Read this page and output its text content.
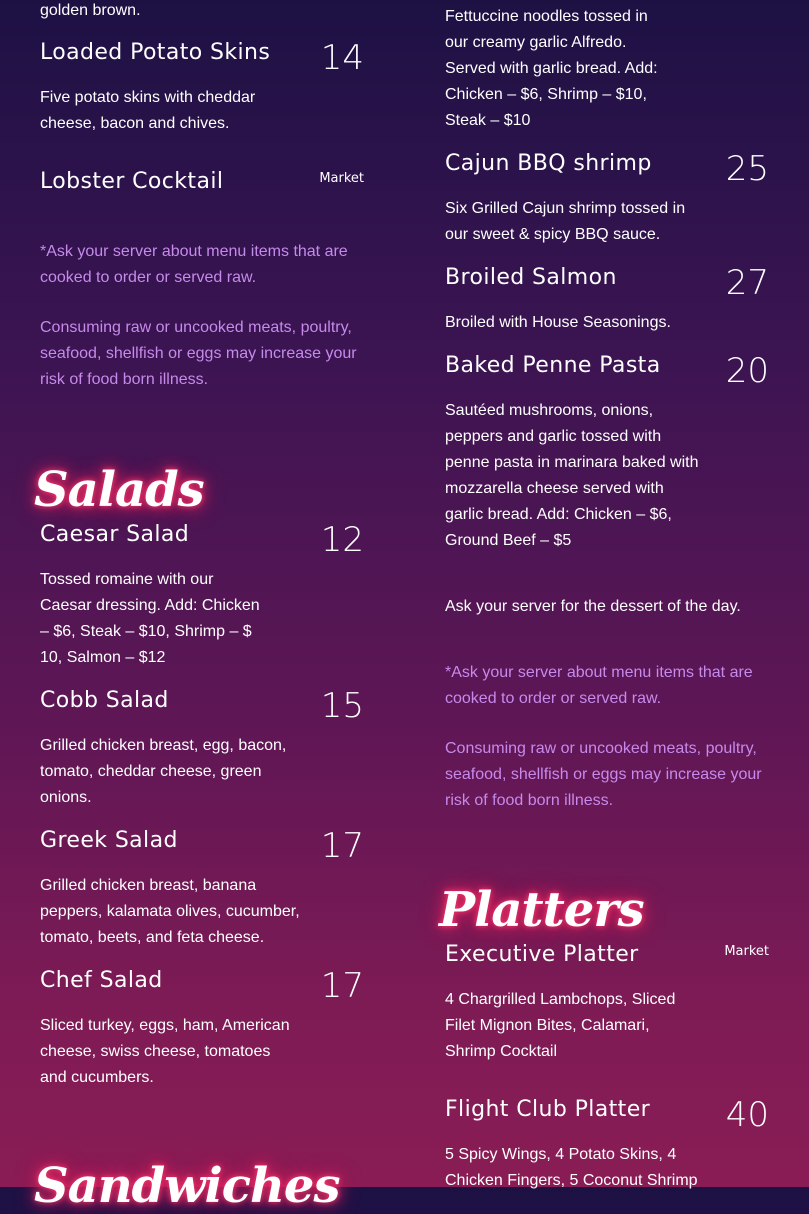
golden brown.
Loaded Potato Skins	14
Five potato skins with cheddar cheese, bacon and chives.
Lobster Cocktail	Market
*Ask your server about menu items that are cooked to order or served raw.
Consuming raw or uncooked meats, poultry, seafood, shellfish or eggs may increase your risk of food born illness.
Salads
Caesar Salad	12
Tossed romaine with our Caesar dressing. Add: Chicken – $6, Steak – $10, Shrimp – $ 10, Salmon – $12
Cobb Salad	15
Grilled chicken breast, egg, bacon, tomato, cheddar cheese, green onions.
Greek Salad	17
Grilled chicken breast, banana peppers, kalamata olives, cucumber, tomato, beets, and feta cheese.
Chef Salad	17
Sliced turkey, eggs, ham, American cheese, swiss cheese, tomatoes and cucumbers.
Sandwiches
Fettuccine noodles tossed in our creamy garlic Alfredo. Served with garlic bread. Add: Chicken – $6, Shrimp – $10, Steak – $10
Cajun BBQ shrimp	25
Six Grilled Cajun shrimp tossed in our sweet & spicy BBQ sauce.
Broiled Salmon	27
Broiled with House Seasonings.
Baked Penne Pasta	20
Sautéed mushrooms, onions, peppers and garlic tossed with penne pasta in marinara baked with mozzarella cheese served with garlic bread. Add: Chicken – $6, Ground Beef – $5
Ask your server for the dessert of the day.
*Ask your server about menu items that are cooked to order or served raw.
Consuming raw or uncooked meats, poultry, seafood, shellfish or eggs may increase your risk of food born illness.
Platters
Executive Platter	Market
4 Chargrilled Lambchops, Sliced Filet Mignon Bites, Calamari, Shrimp Cocktail
Flight Club Platter	40
5 Spicy Wings, 4 Potato Skins, 4 Chicken Fingers, 5 Coconut Shrimp
